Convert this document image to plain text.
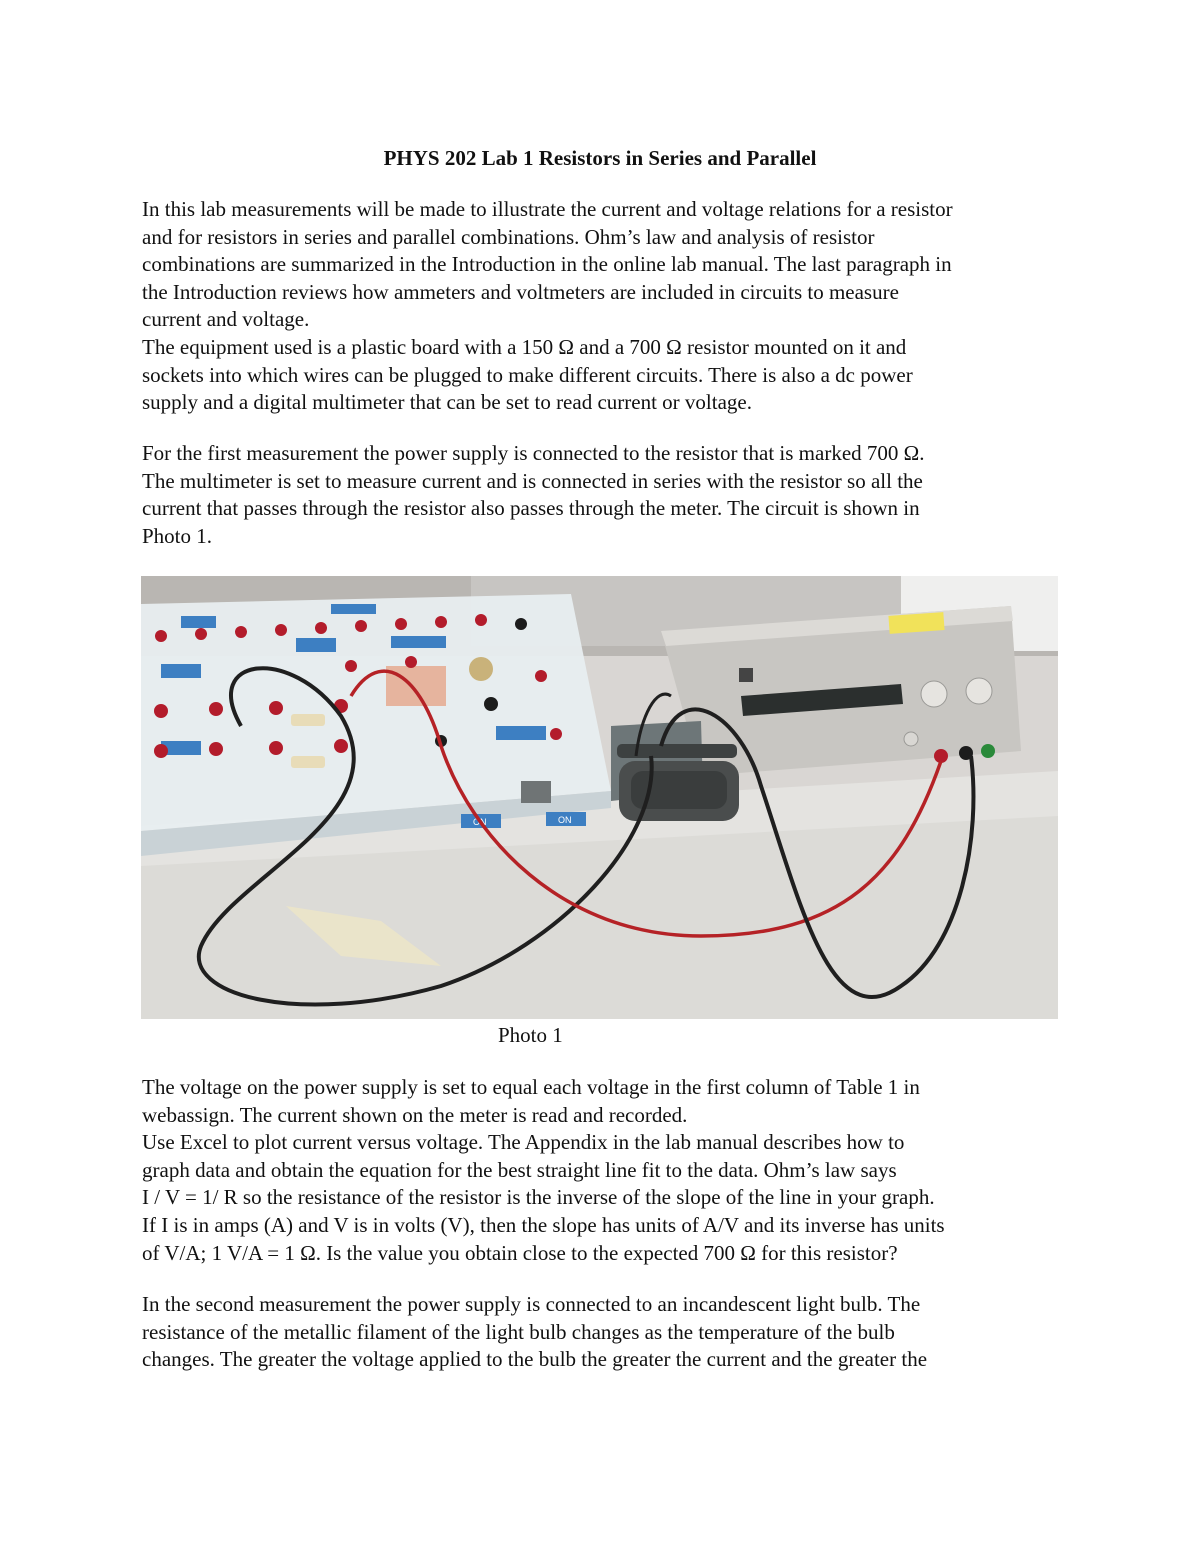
PHYS 202 Lab 1 Resistors in Series and Parallel
In this lab measurements will be made to illustrate the current and voltage relations for a resistor
and for resistors in series and parallel combinations. Ohm’s law and analysis of resistor
combinations are summarized in the Introduction in the online lab manual. The last paragraph in
the Introduction reviews how ammeters and voltmeters are included in circuits to measure
current and voltage.
The equipment used is a plastic board with a 150 Ω and a 700 Ω resistor mounted on it and
sockets into which wires can be plugged to make different circuits. There is also a dc power
supply and a digital multimeter that can be set to read current or voltage.
For the first measurement the power supply is connected to the resistor that is marked 700 Ω.
The multimeter is set to measure current and is connected in series with the resistor so all the
current that passes through the resistor also passes through the meter. The circuit is shown in
Photo 1.
ON	ON
Photo 1
The voltage on the power supply is set to equal each voltage in the first column of Table 1 in
webassign. The current shown on the meter is read and recorded.
Use Excel to plot current versus voltage. The Appendix in the lab manual describes how to
graph data and obtain the equation for the best straight line fit to the data. Ohm’s law says
I / V = 1/ R so the resistance of the resistor is the inverse of the slope of the line in your graph.
If I is in amps (A) and V is in volts (V), then the slope has units of A/V and its inverse has units
of V/A; 1 V/A = 1 Ω. Is the value you obtain close to the expected 700 Ω for this resistor?
In the second measurement the power supply is connected to an incandescent light bulb. The
resistance of the metallic filament of the light bulb changes as the temperature of the bulb
changes. The greater the voltage applied to the bulb the greater the current and the greater the
